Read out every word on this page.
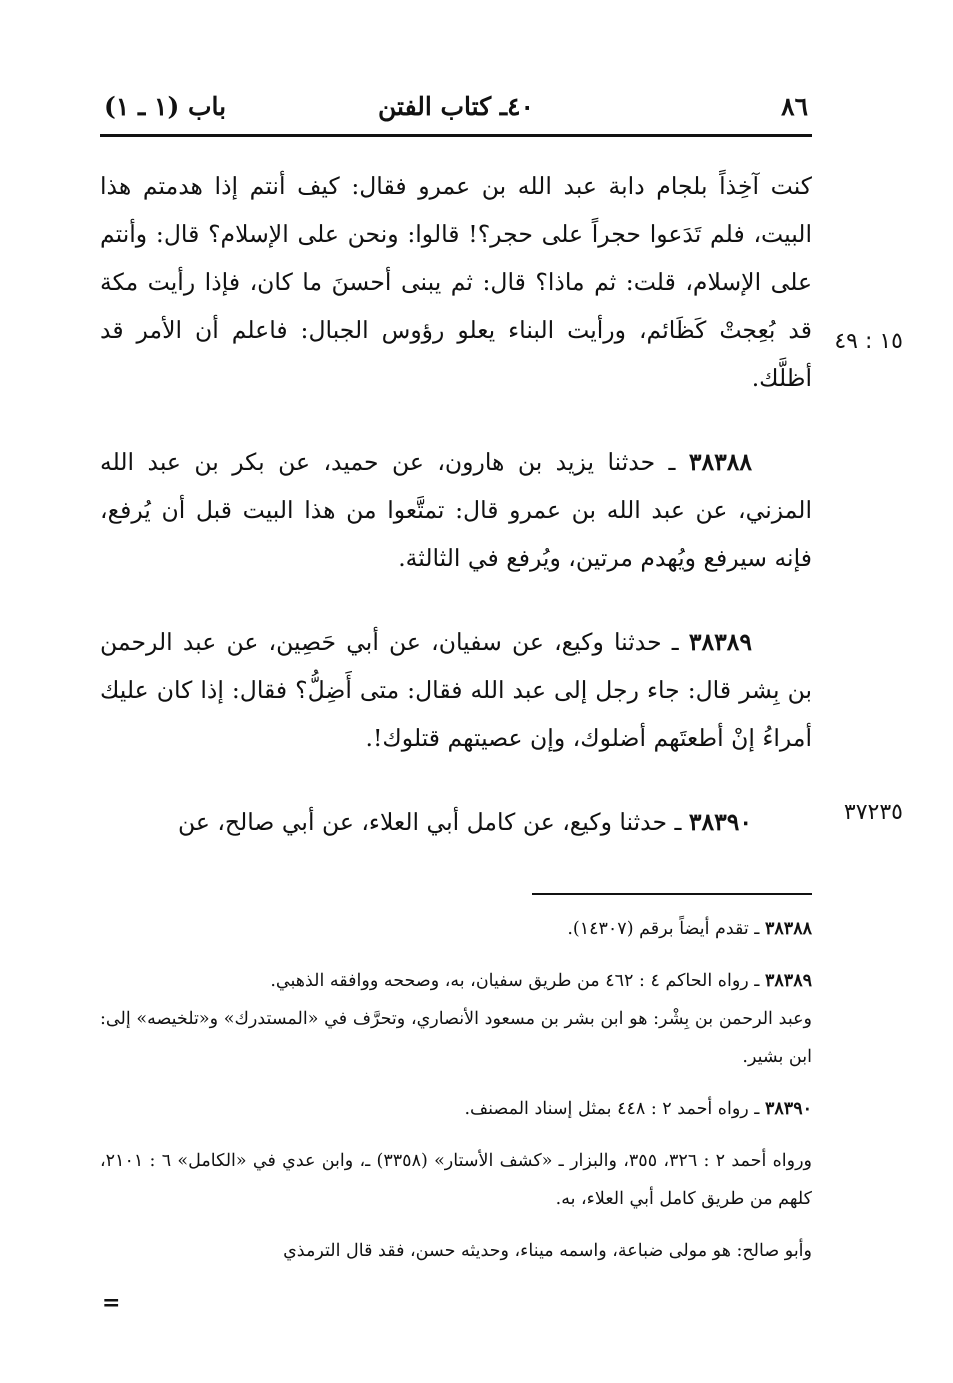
٨٦
٤٠ـ كتاب الفتن
باب (١ ـ ١)
١٥ : ٤٩
٣٧٢٣٥

كنت آخِذاً بلجام دابة عبد الله بن عمرو فقال: كيف أنتم إذا هدمتم هذا البيت، فلم تَدَعوا حجراً على حجر؟! قالوا: ونحن على الإسلام؟ قال: وأنتم على الإسلام، قلت: ثم ماذا؟ قال: ثم يبنى أحسنَ ما كان، فإذا رأيت مكة قد بُعِجتْ كَظَائم، ورأيت البناء يعلو رؤوس الجبال: فاعلم أن الأمر قد أظلَّك.

٣٨٣٨٨ ـ حدثنا يزيد بن هارون، عن حميد، عن بكر بن عبد الله المزني، عن عبد الله بن عمرو قال: تمتَّعوا من هذا البيت قبل أن يُرفع، فإنه سيرفع ويُهدم مرتين، ويُرفع في الثالثة.

٣٨٣٨٩ ـ حدثنا وكيع، عن سفيان، عن أبي حَصِين، عن عبد الرحمن بن بِشر قال: جاء رجل إلى عبد الله فقال: متى أَضِلُّ؟ فقال: إذا كان عليك أمراءُ إنْ أطعتَهم أضلوك، وإن عصيتهم قتلوك!.

٣٨٣٩٠ ـ حدثنا وكيع، عن كامل أبي العلاء، عن أبي صالح، عن

٣٨٣٨٨ ـ تقدم أيضاً برقم (١٤٣٠٧).

٣٨٣٨٩ ـ رواه الحاكم ٤ : ٤٦٢ من طريق سفيان، به، وصححه ووافقه الذهبي.
وعبد الرحمن بن بِشْر: هو ابن بشر بن مسعود الأنصاري، وتحرَّف في «المستدرك» و«تلخيصه» إلى: ابن بشير.

٣٨٣٩٠ ـ رواه أحمد ٢ : ٤٤٨ بمثل إسناد المصنف.

ورواه أحمد ٢ : ٣٢٦، ٣٥٥، والبزار ـ «كشف الأستار» (٣٣٥٨) ـ، وابن عدي في «الكامل» ٦ : ٢١٠١، كلهم من طريق كامل أبي العلاء، به.

وأبو صالح: هو مولى ضباعة، واسمه ميناء، وحديثه حسن، فقد قال الترمذي

=
